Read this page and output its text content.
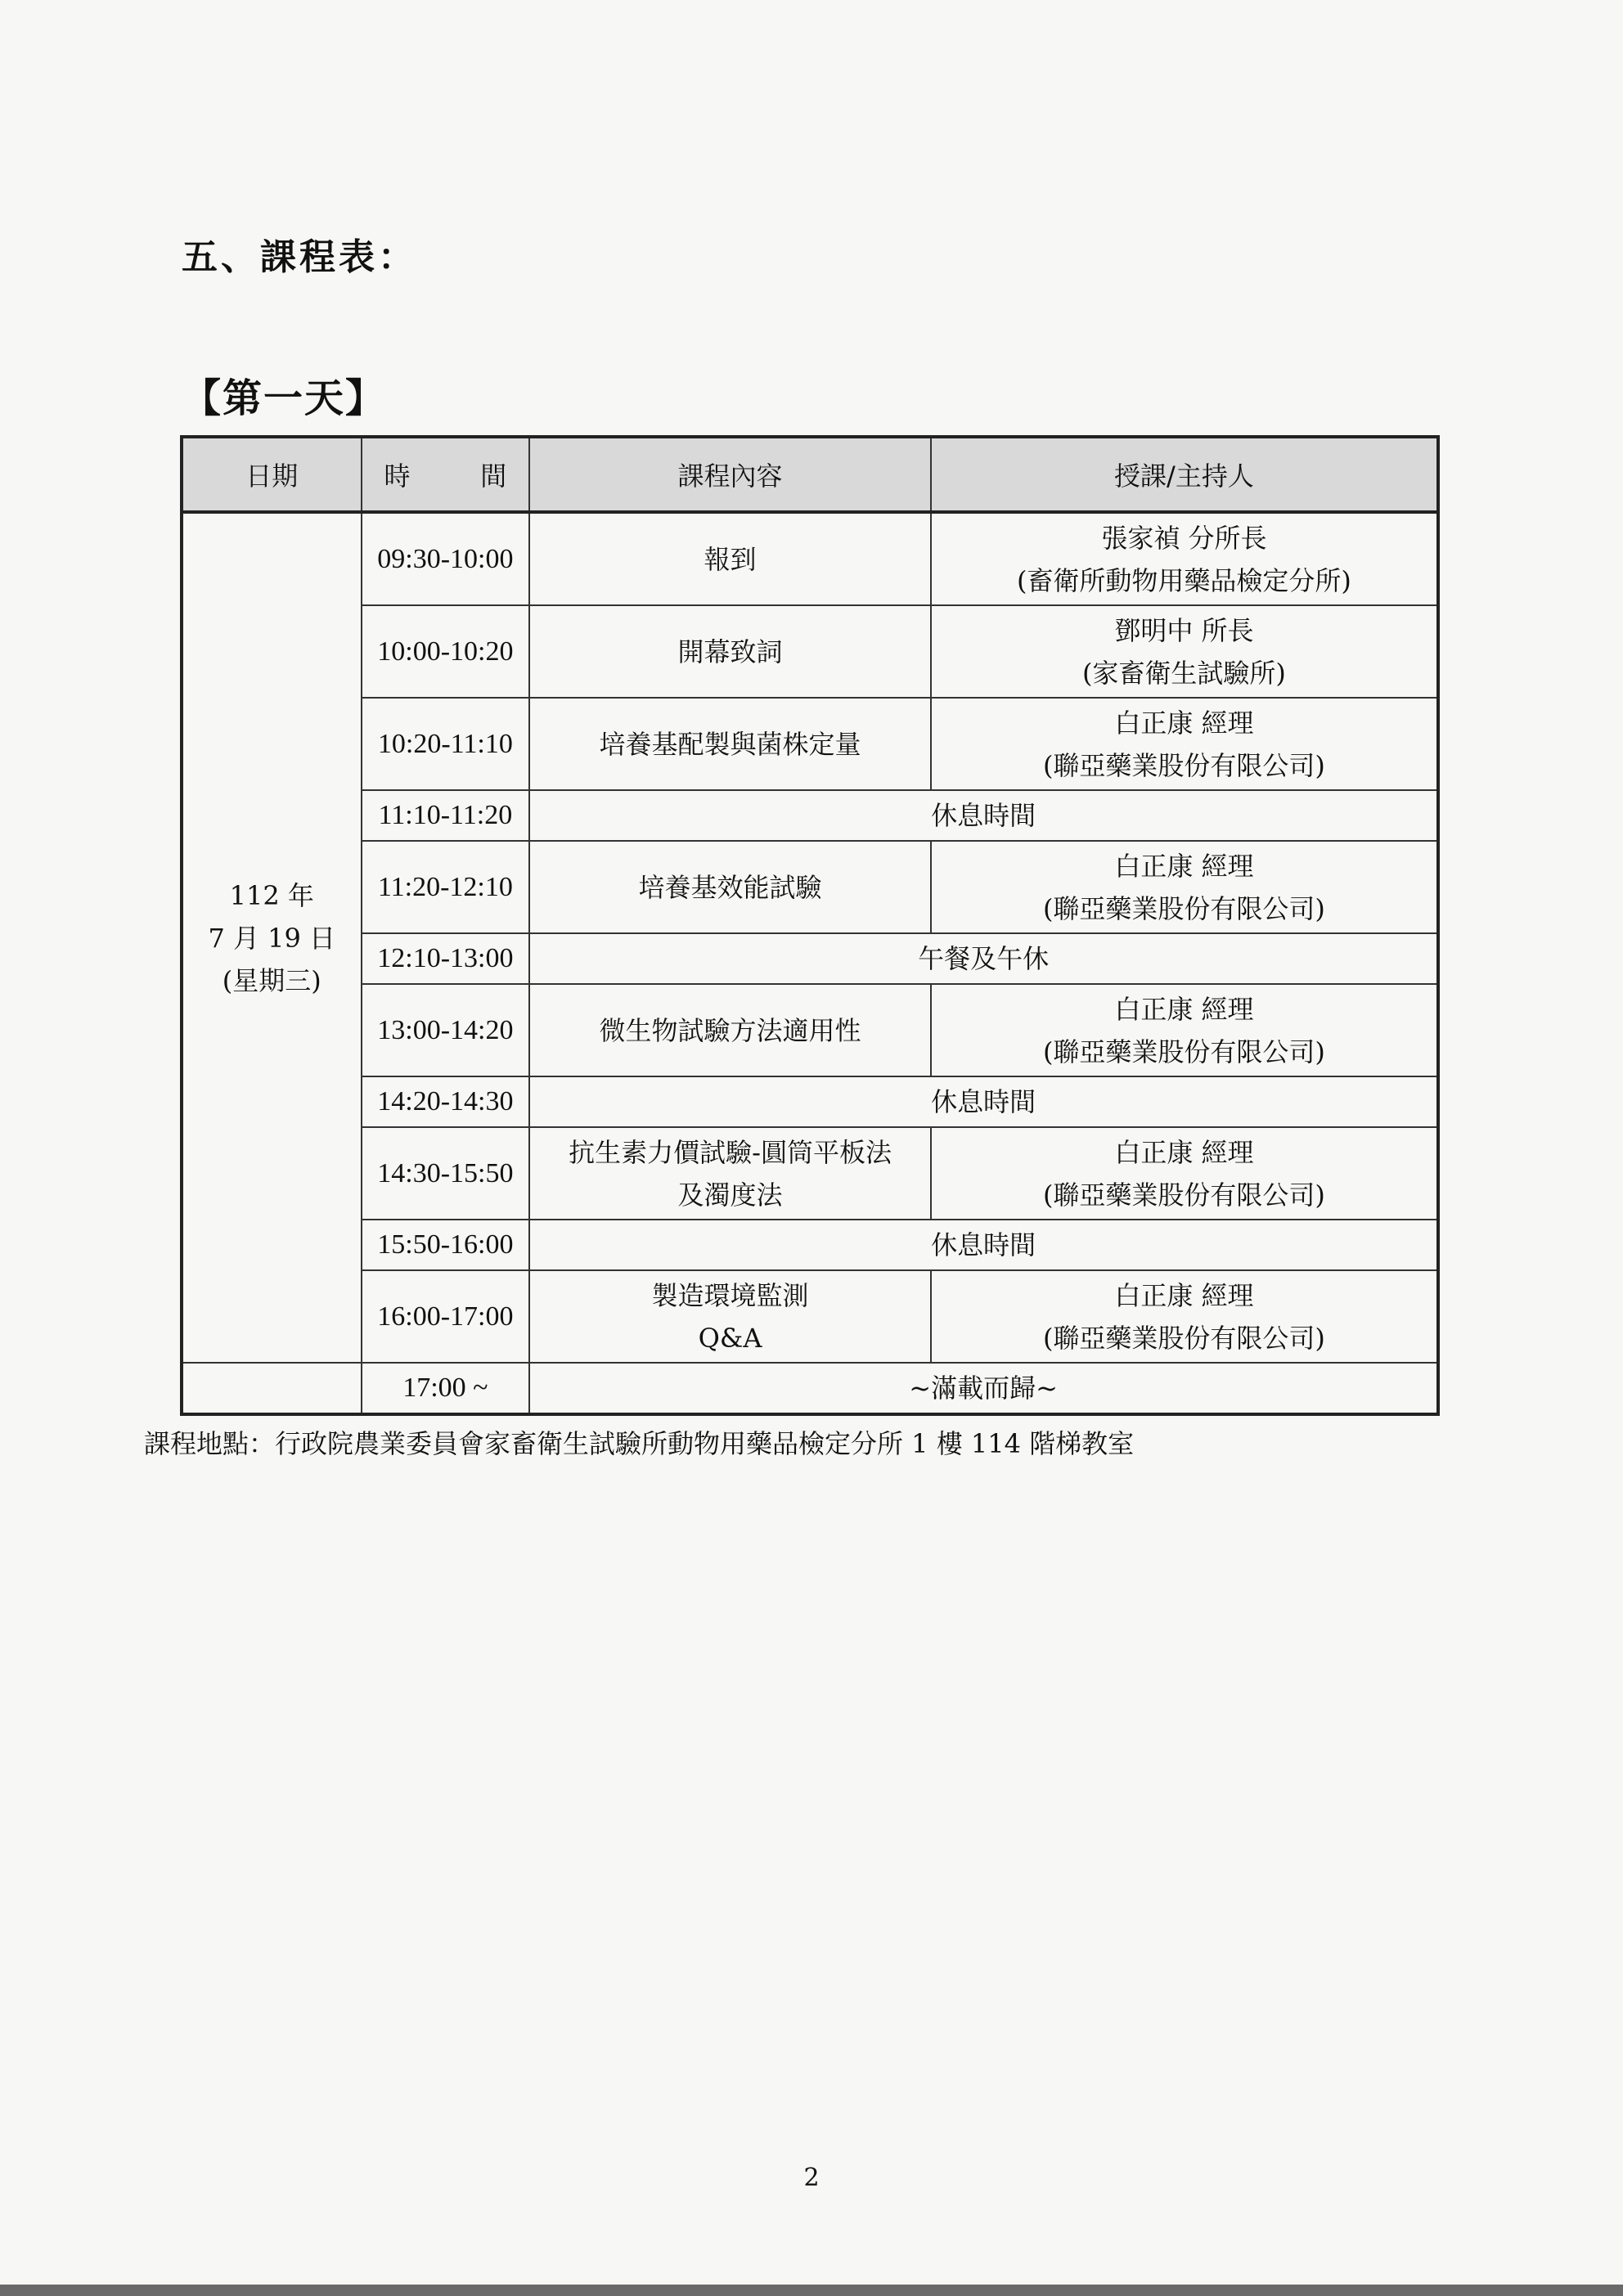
五、課程表：
【第一天】
日期	時 間	課程內容	授課/主持人

112 年
7 月 19 日
(星期三)	09:30-10:00	報到	張家禎 分所長
(畜衛所動物用藥品檢定分所)

	10:00-10:20	開幕致詞	鄧明中 所長
(家畜衛生試驗所)

	10:20-11:10	培養基配製與菌株定量	白正康 經理
(聯亞藥業股份有限公司)

	11:10-11:20	休息時間	
	11:20-12:10	培養基效能試驗	白正康 經理
(聯亞藥業股份有限公司)

	12:10-13:00	午餐及午休	
	13:00-14:20	微生物試驗方法適用性	白正康 經理
(聯亞藥業股份有限公司)

	14:20-14:30	休息時間	
	14:30-15:50	抗生素力價試驗-圓筒平板法
及濁度法	白正康 經理
(聯亞藥業股份有限公司)

	15:50-16:00	休息時間	
	16:00-17:00	製造環境監測
Q&A	白正康 經理
(聯亞藥業股份有限公司)

	17:00 ~	~滿載而歸~	
課程地點：行政院農業委員會家畜衛生試驗所動物用藥品檢定分所 1 樓 114 階梯教室
2
